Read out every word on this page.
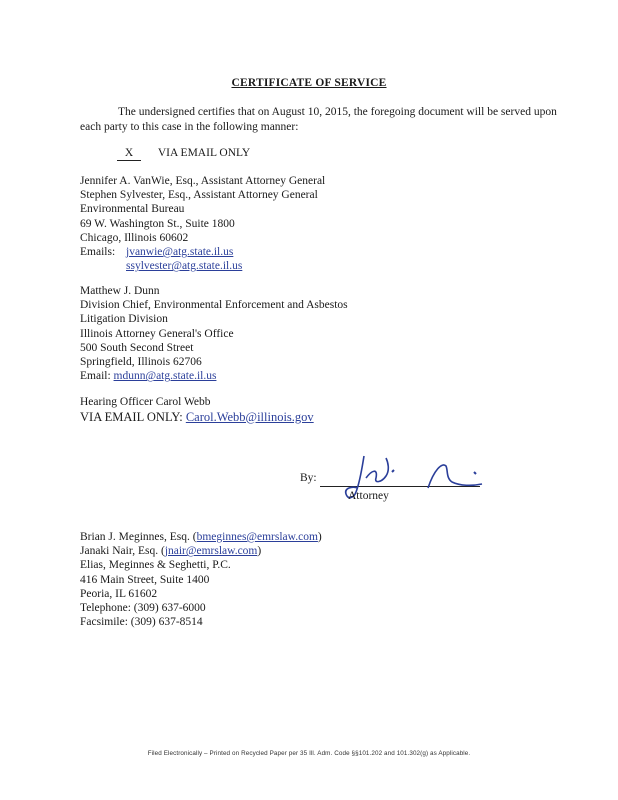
CERTIFICATE OF SERVICE
The undersigned certifies that on August 10, 2015, the foregoing document will be served upon each party to this case in the following manner:
X VIA EMAIL ONLY
Jennifer A. VanWie, Esq., Assistant Attorney General
Stephen Sylvester, Esq., Assistant Attorney General
Environmental Bureau
69 W. Washington St., Suite 1800
Chicago, Illinois 60602
Emails: jvanwie@atg.state.il.us
ssylvester@atg.state.il.us
Matthew J. Dunn
Division Chief, Environmental Enforcement and Asbestos
Litigation Division
Illinois Attorney General's Office
500 South Second Street
Springfield, Illinois 62706
Email: mdunn@atg.state.il.us
Hearing Officer Carol Webb
VIA EMAIL ONLY: Carol.Webb@illinois.gov
By:
Attorney
Brian J. Meginnes, Esq. (bmeginnes@emrslaw.com)
Janaki Nair, Esq. (jnair@emrslaw.com)
Elias, Meginnes & Seghetti, P.C.
416 Main Street, Suite 1400
Peoria, IL 61602
Telephone: (309) 637-6000
Facsimile: (309) 637-8514
Filed Electronically – Printed on Recycled Paper per 35 Ill. Adm. Code §§101.202 and 101.302(g) as Applicable.
